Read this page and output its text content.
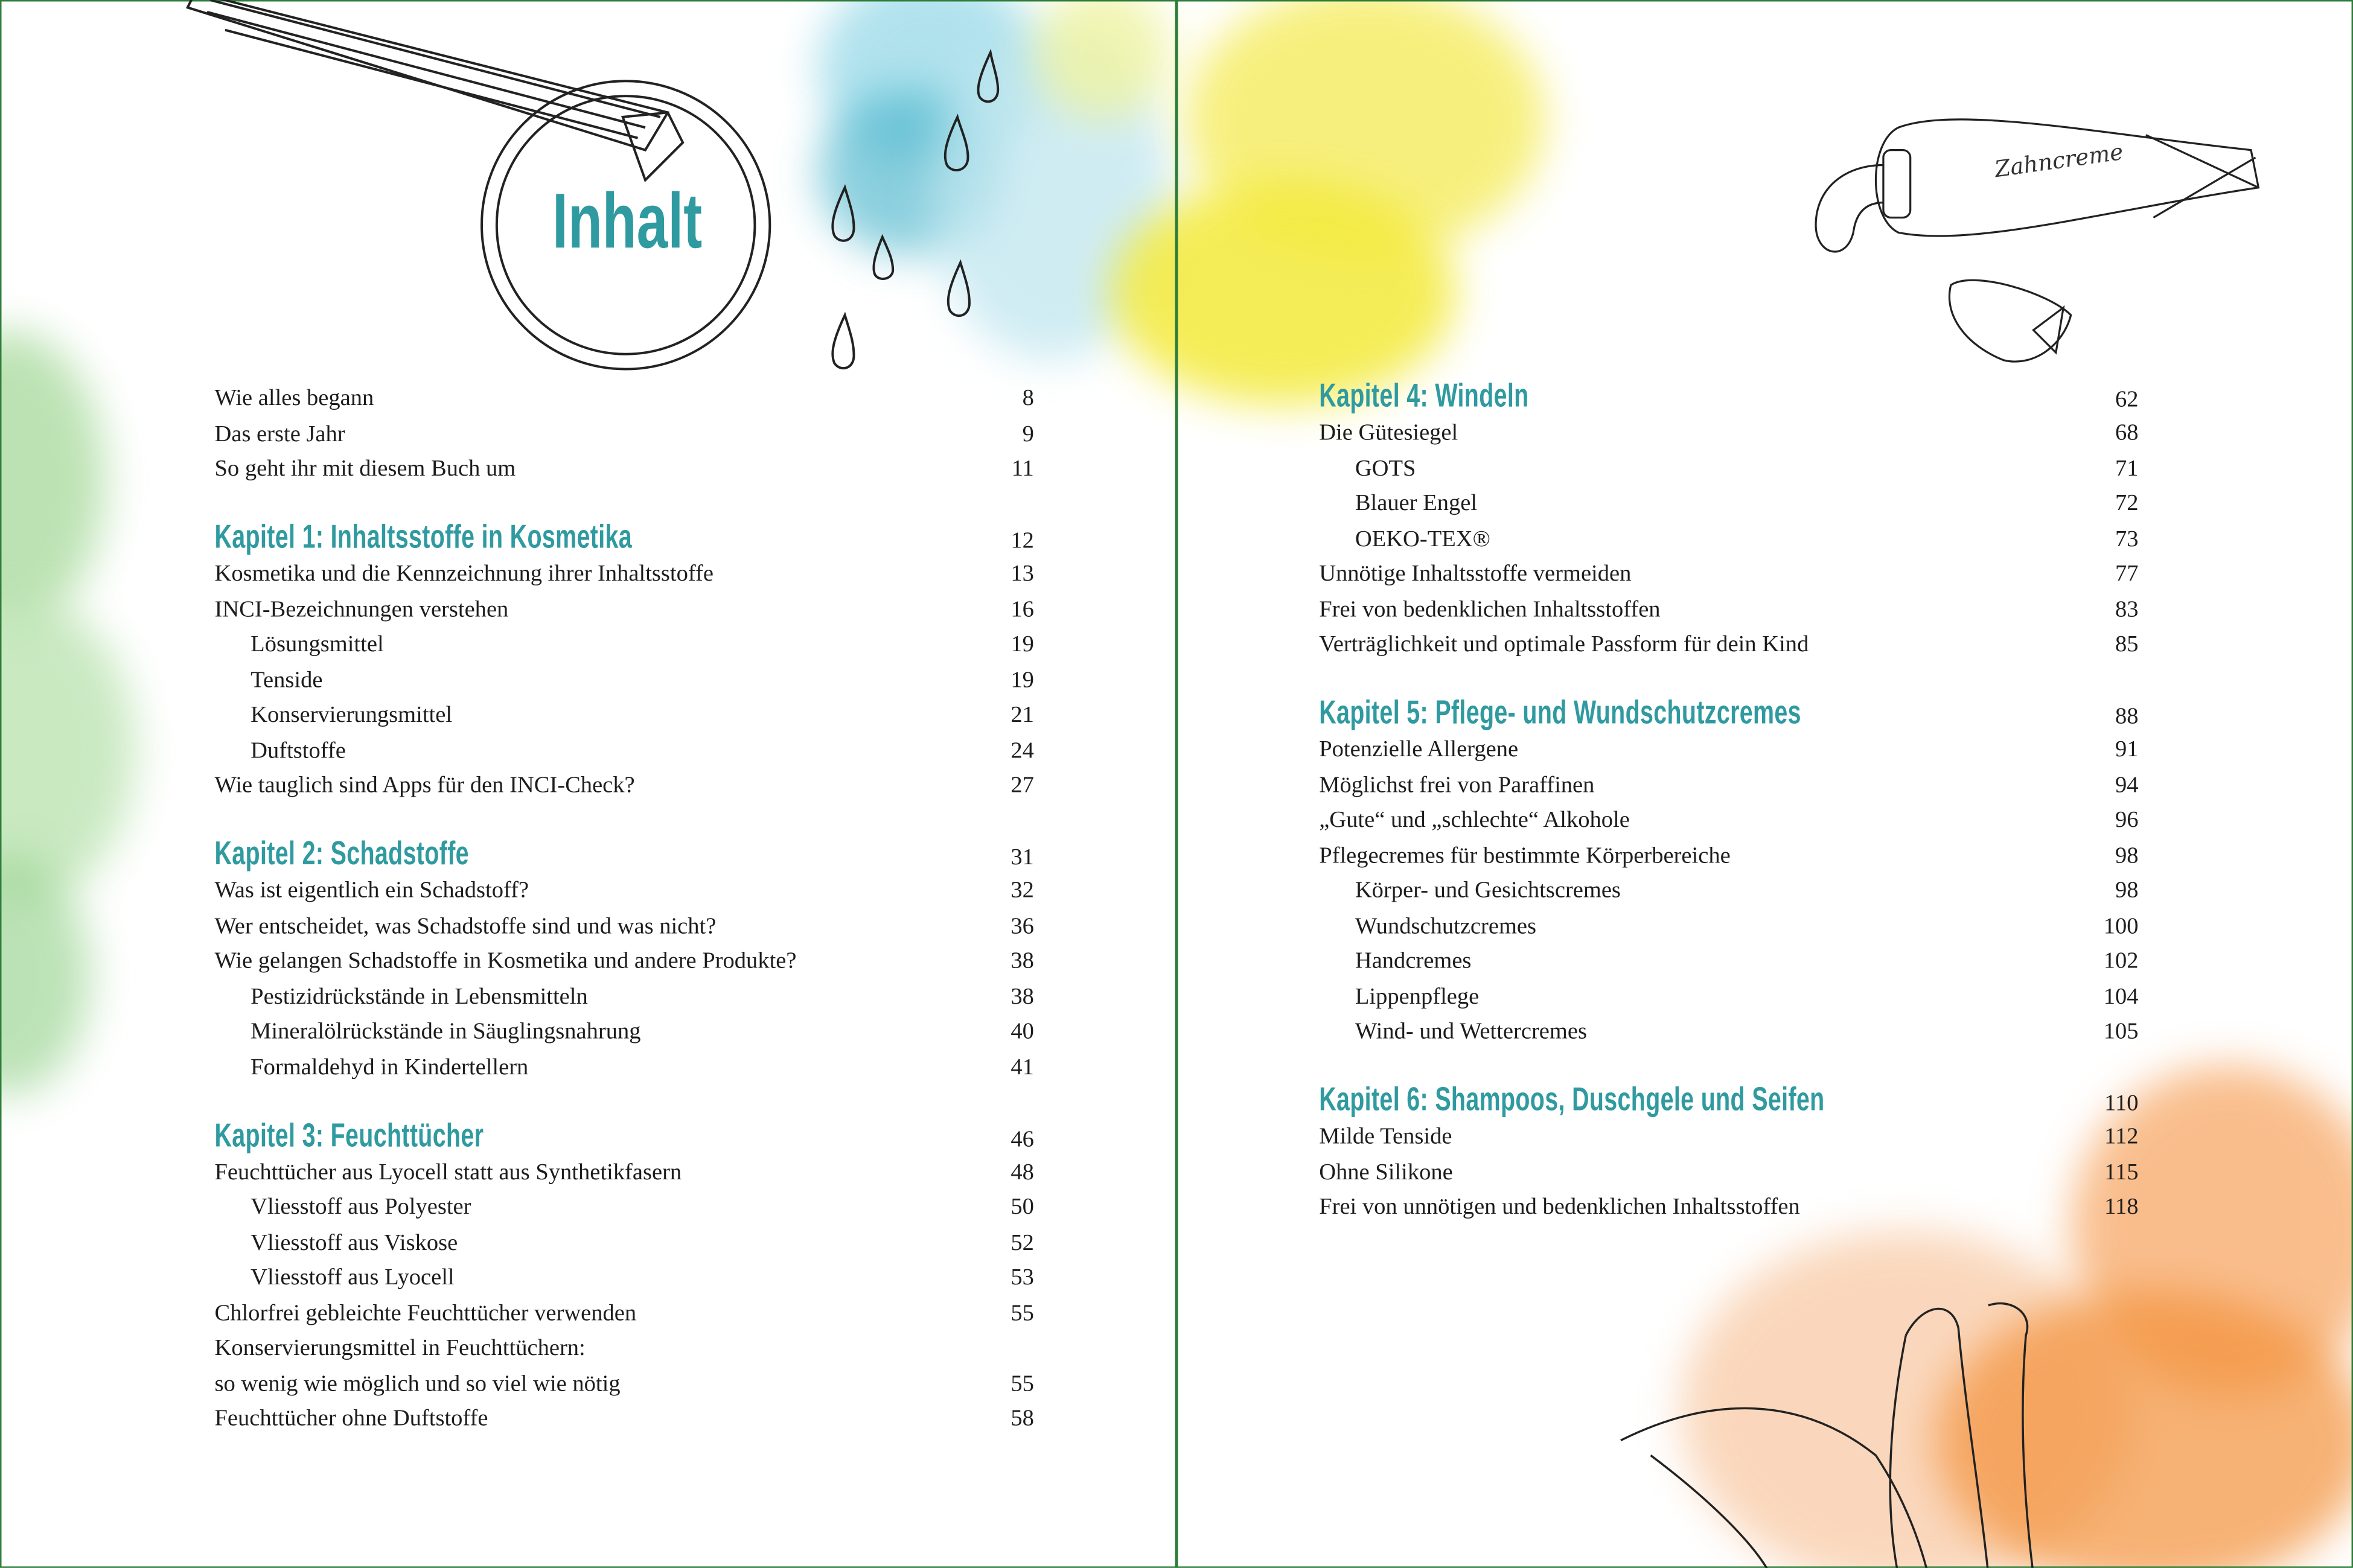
Inhalt
Zahncreme
Wie alles begann	8
Das erste Jahr	9
So geht ihr mit diesem Buch um	11
Kapitel 1: Inhaltsstoffe in Kosmetika	12
Kosmetika und die Kennzeichnung ihrer Inhaltsstoffe	13
INCI-Bezeichnungen verstehen	16
Lösungsmittel	19
Tenside	19
Konservierungsmittel	21
Duftstoffe	24
Wie tauglich sind Apps für den INCI-Check?	27
Kapitel 2: Schadstoffe	31
Was ist eigentlich ein Schadstoff?	32
Wer entscheidet, was Schadstoffe sind und was nicht?	36
Wie gelangen Schadstoffe in Kosmetika und andere Produkte?	38
Pestizidrückstände in Lebensmitteln	38
Mineralölrückstände in Säuglingsnahrung	40
Formaldehyd in Kindertellern	41
Kapitel 3: Feuchttücher	46
Feuchttücher aus Lyocell statt aus Synthetikfasern	48
Vliesstoff aus Polyester	50
Vliesstoff aus Viskose	52
Vliesstoff aus Lyocell	53
Chlorfrei gebleichte Feuchttücher verwenden	55
Konservierungsmittel in Feuchttüchern:
so wenig wie möglich und so viel wie nötig	55
Feuchttücher ohne Duftstoffe	58
Kapitel 4: Windeln	62
Die Gütesiegel	68
GOTS	71
Blauer Engel	72
OEKO-TEX®	73
Unnötige Inhaltsstoffe vermeiden	77
Frei von bedenklichen Inhaltsstoffen	83
Verträglichkeit und optimale Passform für dein Kind	85
Kapitel 5: Pflege- und Wundschutzcremes	88
Potenzielle Allergene	91
Möglichst frei von Paraffinen	94
„Gute“ und „schlechte“ Alkohole	96
Pflegecremes für bestimmte Körperbereiche	98
Körper- und Gesichtscremes	98
Wundschutzcremes	100
Handcremes	102
Lippenpflege	104
Wind- und Wettercremes	105
Kapitel 6: Shampoos, Duschgele und Seifen	110
Milde Tenside	112
Ohne Silikone	115
Frei von unnötigen und bedenklichen Inhaltsstoffen	118
